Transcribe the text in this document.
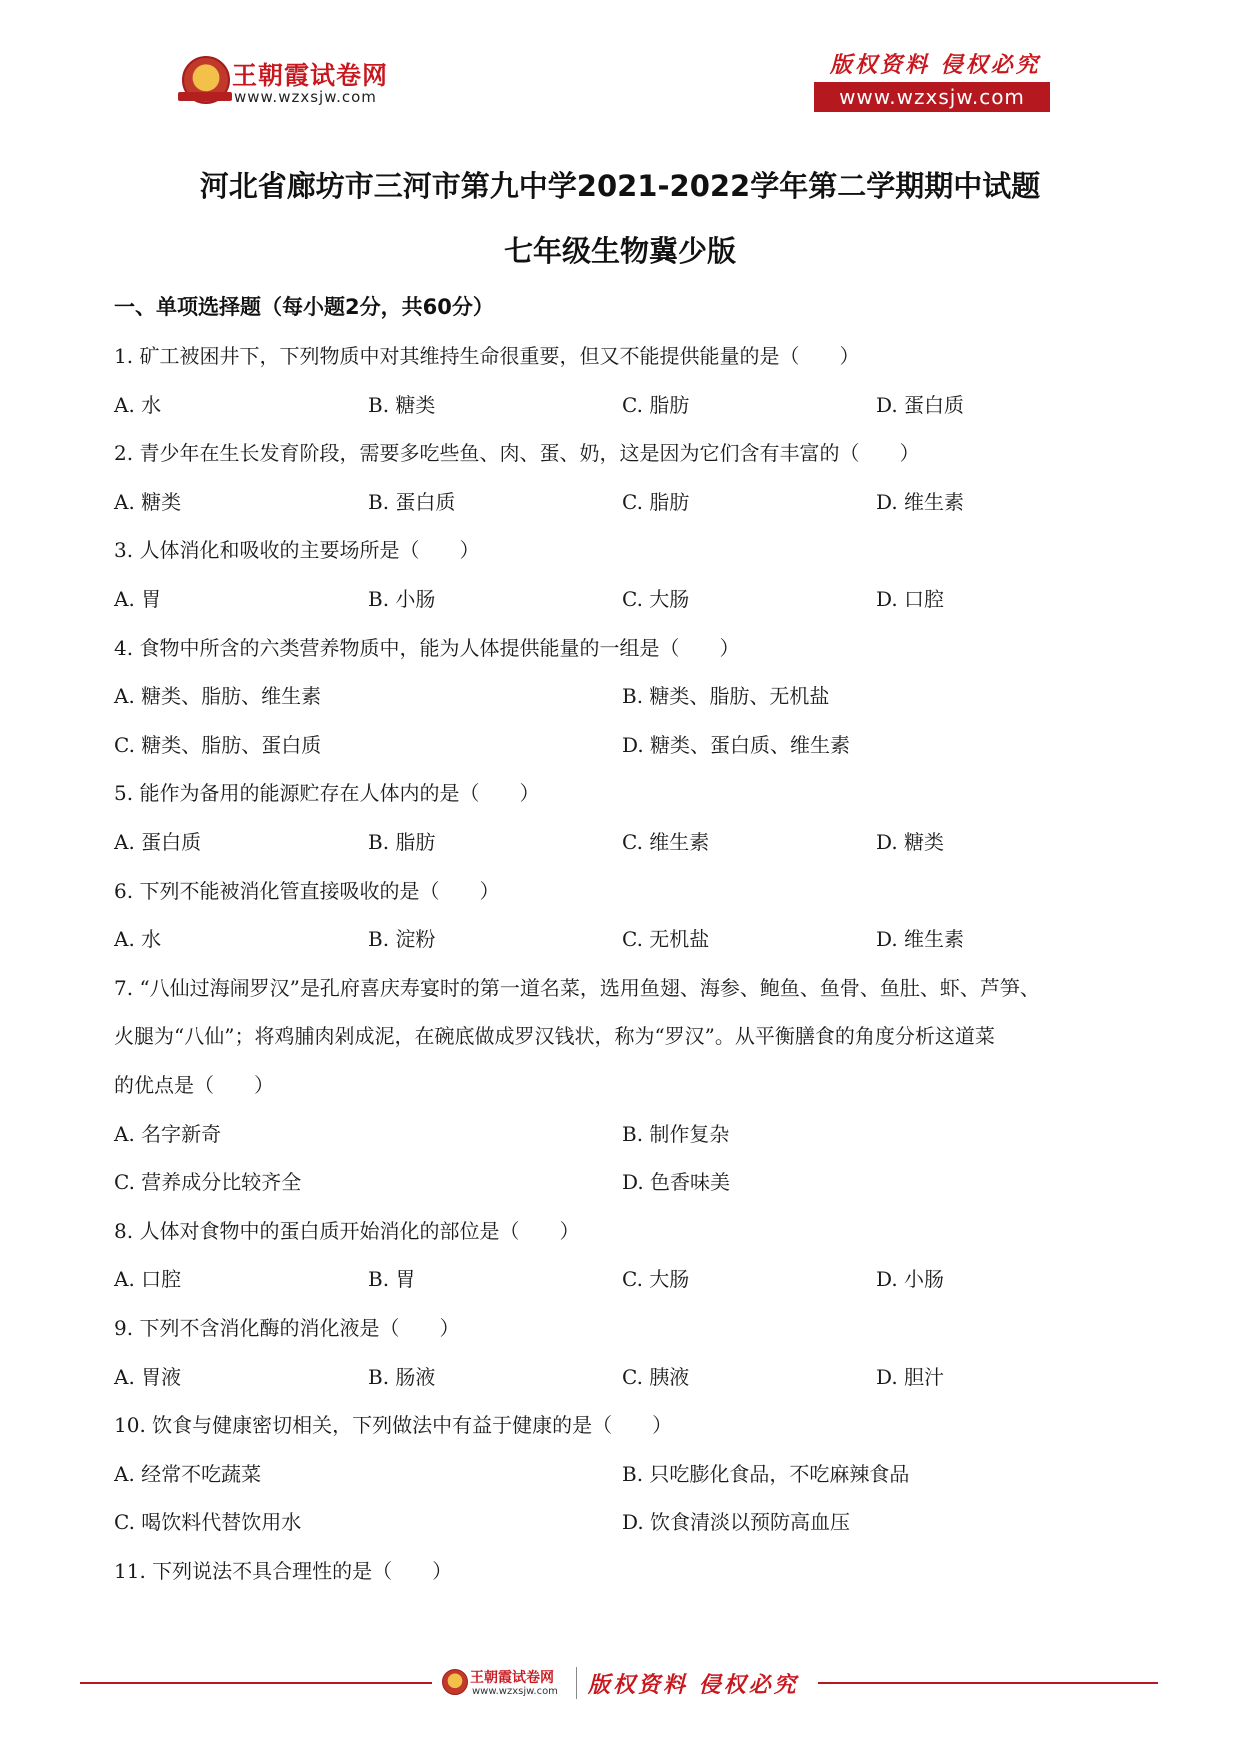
王朝霞试卷网
www.wzxsjw.com
版权资料 侵权必究
www.wzxsjw.com
河北省廊坊市三河市第九中学2021-2022学年第二学期期中试题
七年级生物冀少版
一、单项选择题（每小题2分，共60分）
1. 矿工被困井下，下列物质中对其维持生命很重要，但又不能提供能量的是（　　）
A. 水	B. 糖类	C. 脂肪	D. 蛋白质
2. 青少年在生长发育阶段，需要多吃些鱼、肉、蛋、奶，这是因为它们含有丰富的（　　）
A. 糖类	B. 蛋白质	C. 脂肪	D. 维生素
3. 人体消化和吸收的主要场所是（　　）
A. 胃	B. 小肠	C. 大肠	D. 口腔
4. 食物中所含的六类营养物质中，能为人体提供能量的一组是（　　）
A. 糖类、脂肪、维生素	B. 糖类、脂肪、无机盐
C. 糖类、脂肪、蛋白质	D. 糖类、蛋白质、维生素
5. 能作为备用的能源贮存在人体内的是（　　）
A. 蛋白质	B. 脂肪	C. 维生素	D. 糖类
6. 下列不能被消化管直接吸收的是（　　）
A. 水	B. 淀粉	C. 无机盐	D. 维生素
7. “八仙过海闹罗汉”是孔府喜庆寿宴时的第一道名菜，选用鱼翅、海参、鲍鱼、鱼骨、鱼肚、虾、芦笋、
火腿为“八仙”；将鸡脯肉剁成泥，在碗底做成罗汉钱状，称为“罗汉”。从平衡膳食的角度分析这道菜
的优点是（　　）
A. 名字新奇	B. 制作复杂
C. 营养成分比较齐全	D. 色香味美
8. 人体对食物中的蛋白质开始消化的部位是（　　）
A. 口腔	B. 胃	C. 大肠	D. 小肠
9. 下列不含消化酶的消化液是（　　）
A. 胃液	B. 肠液	C. 胰液	D. 胆汁
10. 饮食与健康密切相关，下列做法中有益于健康的是（　　）
A. 经常不吃蔬菜	B. 只吃膨化食品，不吃麻辣食品
C. 喝饮料代替饮用水	D. 饮食清淡以预防高血压
11. 下列说法不具合理性的是（　　）
王朝霞试卷网
www.wzxsjw.com 版权资料 侵权必究
